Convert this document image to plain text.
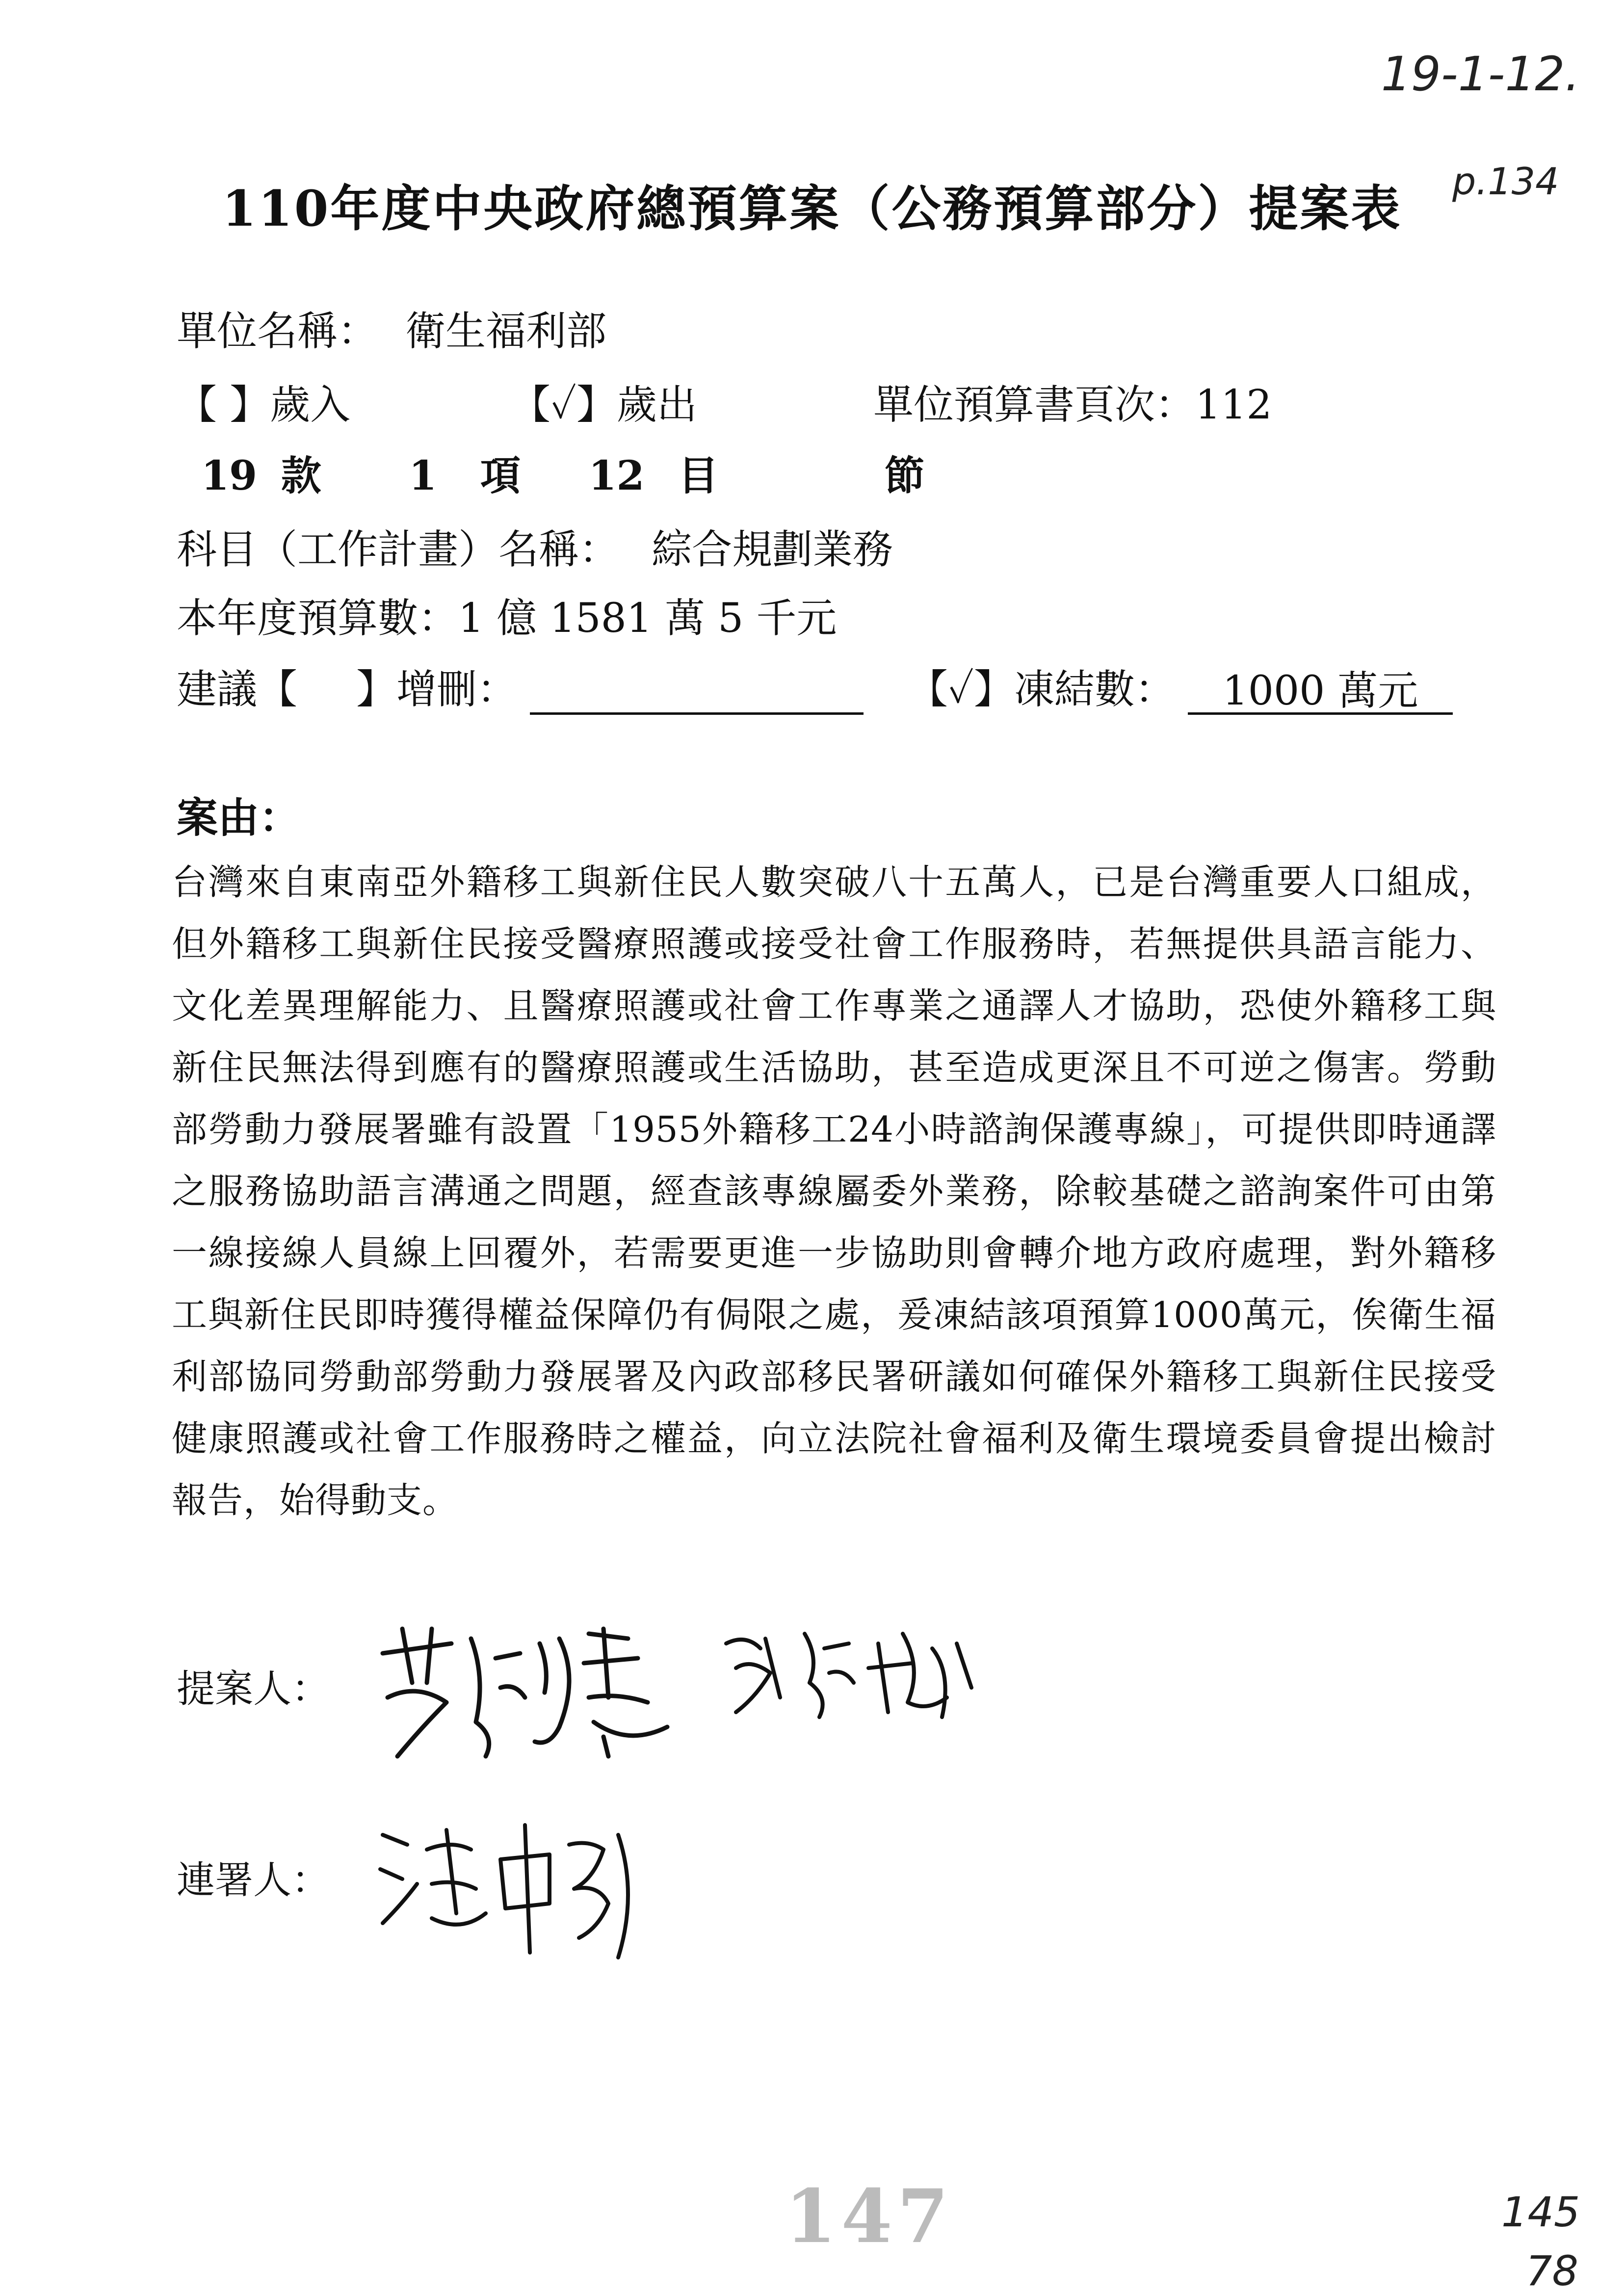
19-1-12.
p.134
110年度中央政府總預算案（公務預算部分）提案表
單位名稱： 衛生福利部
【 】歲入	【✓】歲出	單位預算書頁次：112
19 款 1 項 12 目	節
科目（工作計畫）名稱： 綜合規劃業務
本年度預算數：1 億 1581 萬 5 千元
建議【 】增刪：	【✓】凍結數： 1000 萬元
案由：
台灣來自東南亞外籍移工與新住民人數突破八十五萬人，已是台灣重要人口組成，但外籍移工與新住民接受醫療照護或接受社會工作服務時，若無提供具語言能力、文化差異理解能力、且醫療照護或社會工作專業之通譯人才協助，恐使外籍移工與新住民無法得到應有的醫療照護或生活協助，甚至造成更深且不可逆之傷害。勞動部勞動力發展署雖有設置「1955外籍移工24小時諮詢保護專線」，可提供即時通譯之服務協助語言溝通之問題，經查該專線屬委外業務，除較基礎之諮詢案件可由第一線接線人員線上回覆外，若需要更進一步協助則會轉介地方政府處理，對外籍移工與新住民即時獲得權益保障仍有侷限之處，爰凍結該項預算1000萬元，俟衛生福利部協同勞動部勞動力發展署及內政部移民署研議如何確保外籍移工與新住民接受健康照護或社會工作服務時之權益，向立法院社會福利及衛生環境委員會提出檢討報告，始得動支。
提案人：
連署人：
147	145
78
